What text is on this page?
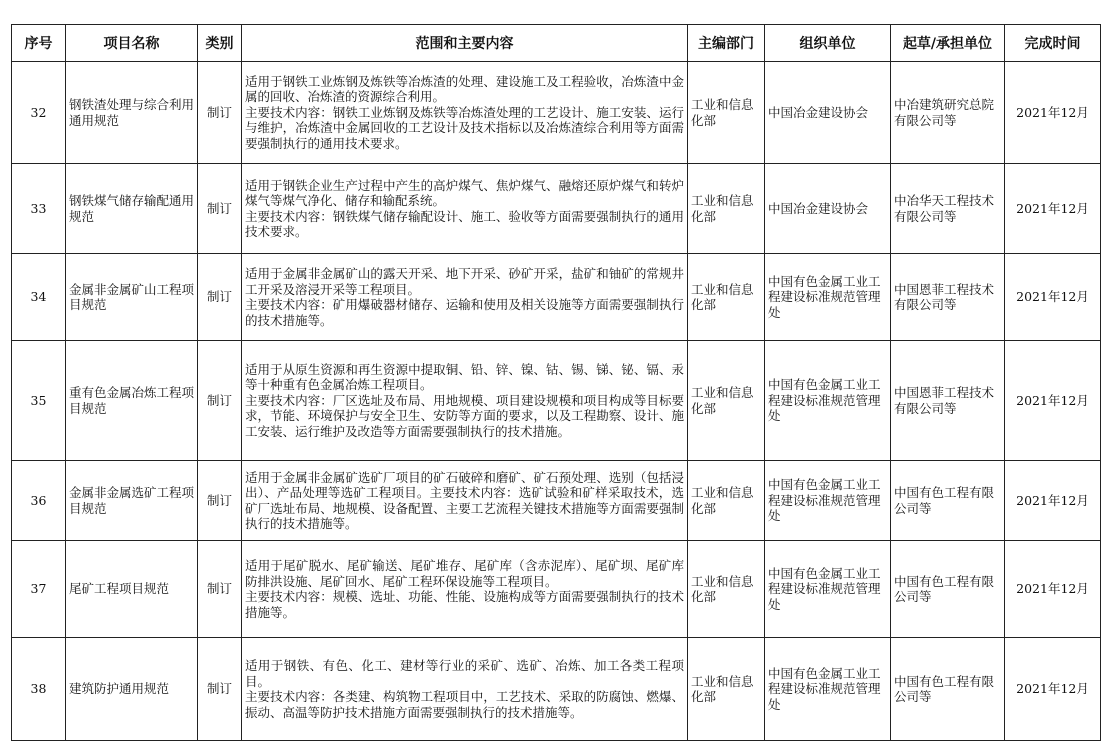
序号	项目名称	类别	范围和主要内容	主编部门	组织单位	起草/承担单位	完成时间
32	钢铁渣处理与综合利用通用规范	制订	适用于钢铁工业炼钢及炼铁等冶炼渣的处理、建设施工及工程验收，冶炼渣中金属的回收、冶炼渣的资源综合利用。
主要技术内容：钢铁工业炼钢及炼铁等冶炼渣处理的工艺设计、施工安装、运行与维护，冶炼渣中金属回收的工艺设计及技术指标以及冶炼渣综合利用等方面需要强制执行的通用技术要求。	工业和信息化部	中国冶金建设协会	中冶建筑研究总院有限公司等	2021年12月
33	钢铁煤气储存输配通用规范	制订	适用于钢铁企业生产过程中产生的高炉煤气、焦炉煤气、融熔还原炉煤气和转炉煤气等煤气净化、储存和输配系统。
主要技术内容：钢铁煤气储存输配设计、施工、验收等方面需要强制执行的通用技术要求。	工业和信息化部	中国冶金建设协会	中冶华天工程技术有限公司等	2021年12月
34	金属非金属矿山工程项目规范	制订	适用于金属非金属矿山的露天开采、地下开采、砂矿开采，盐矿和铀矿的常规井工开采及溶浸开采等工程项目。
主要技术内容：矿用爆破器材储存、运输和使用及相关设施等方面需要强制执行的技术措施等。	工业和信息化部	中国有色金属工业工程建设标准规范管理处	中国恩菲工程技术有限公司等	2021年12月
35	重有色金属冶炼工程项目规范	制订	适用于从原生资源和再生资源中提取铜、铅、锌、镍、钴、锡、锑、铋、镉、汞等十种重有色金属冶炼工程项目。
主要技术内容：厂区选址及布局、用地规模、项目建设规模和项目构成等目标要求，节能、环境保护与安全卫生、安防等方面的要求，以及工程勘察、设计、施工安装、运行维护及改造等方面需要强制执行的技术措施。	工业和信息化部	中国有色金属工业工程建设标准规范管理处	中国恩菲工程技术有限公司等	2021年12月
36	金属非金属选矿工程项目规范	制订	适用于金属非金属矿选矿厂项目的矿石破碎和磨矿、矿石预处理、选别（包括浸出）、产品处理等选矿工程项目。主要技术内容：选矿试验和矿样采取技术，选矿厂选址布局、地规模、设备配置、主要工艺流程关键技术措施等方面需要强制执行的技术措施等。	工业和信息化部	中国有色金属工业工程建设标准规范管理处	中国有色工程有限公司等	2021年12月
37	尾矿工程项目规范	制订	适用于尾矿脱水、尾矿输送、尾矿堆存、尾矿库（含赤泥库）、尾矿坝、尾矿库防排洪设施、尾矿回水、尾矿工程环保设施等工程项目。
主要技术内容：规模、选址、功能、性能、设施构成等方面需要强制执行的技术措施等。	工业和信息化部	中国有色金属工业工程建设标准规范管理处	中国有色工程有限公司等	2021年12月
38	建筑防护通用规范	制订	适用于钢铁、有色、化工、建材等行业的采矿、选矿、冶炼、加工各类工程项目。
主要技术内容：各类建、构筑物工程项目中，工艺技术、采取的防腐蚀、燃爆、振动、高温等防护技术措施方面需要强制执行的技术措施等。	工业和信息化部	中国有色金属工业工程建设标准规范管理处	中国有色工程有限公司等	2021年12月
